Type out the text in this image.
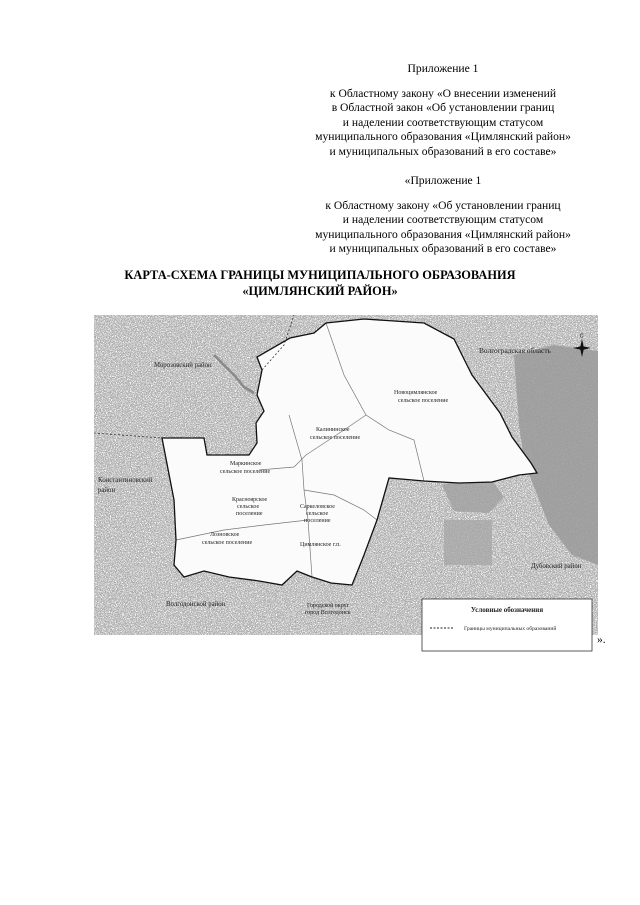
Приложение 1
к Областному закону «О внесении изменений
в Областной закон «Об установлении границ
и наделении соответствующим статусом
муниципального образования «Цимлянский район»
и муниципальных образований в его составе»
«Приложение 1
к Областному закону «Об установлении границ
и наделении соответствующим статусом
муниципального образования «Цимлянский район»
и муниципальных образований в его составе»
КАРТА-СХЕМА ГРАНИЦЫ МУНИЦИПАЛЬНОГО ОБРАЗОВАНИЯ
«ЦИМЛЯНСКИЙ РАЙОН»
С
Волгоградская область
Морозовский район
Новоцимлянское
сельское поселение
Калининское
сельское поселение
Константиновский
район
Маркинское
сельское поселение
Красноярское
сельское
поселение
Саркеловское
сельское
поселение
Лозновское
сельское поселение	Цимлянское г.п.
Дубовский район
Волгодонской район	Городской округ
город Волгодонск	Условные обозначения
Границы муниципальных образований
».
